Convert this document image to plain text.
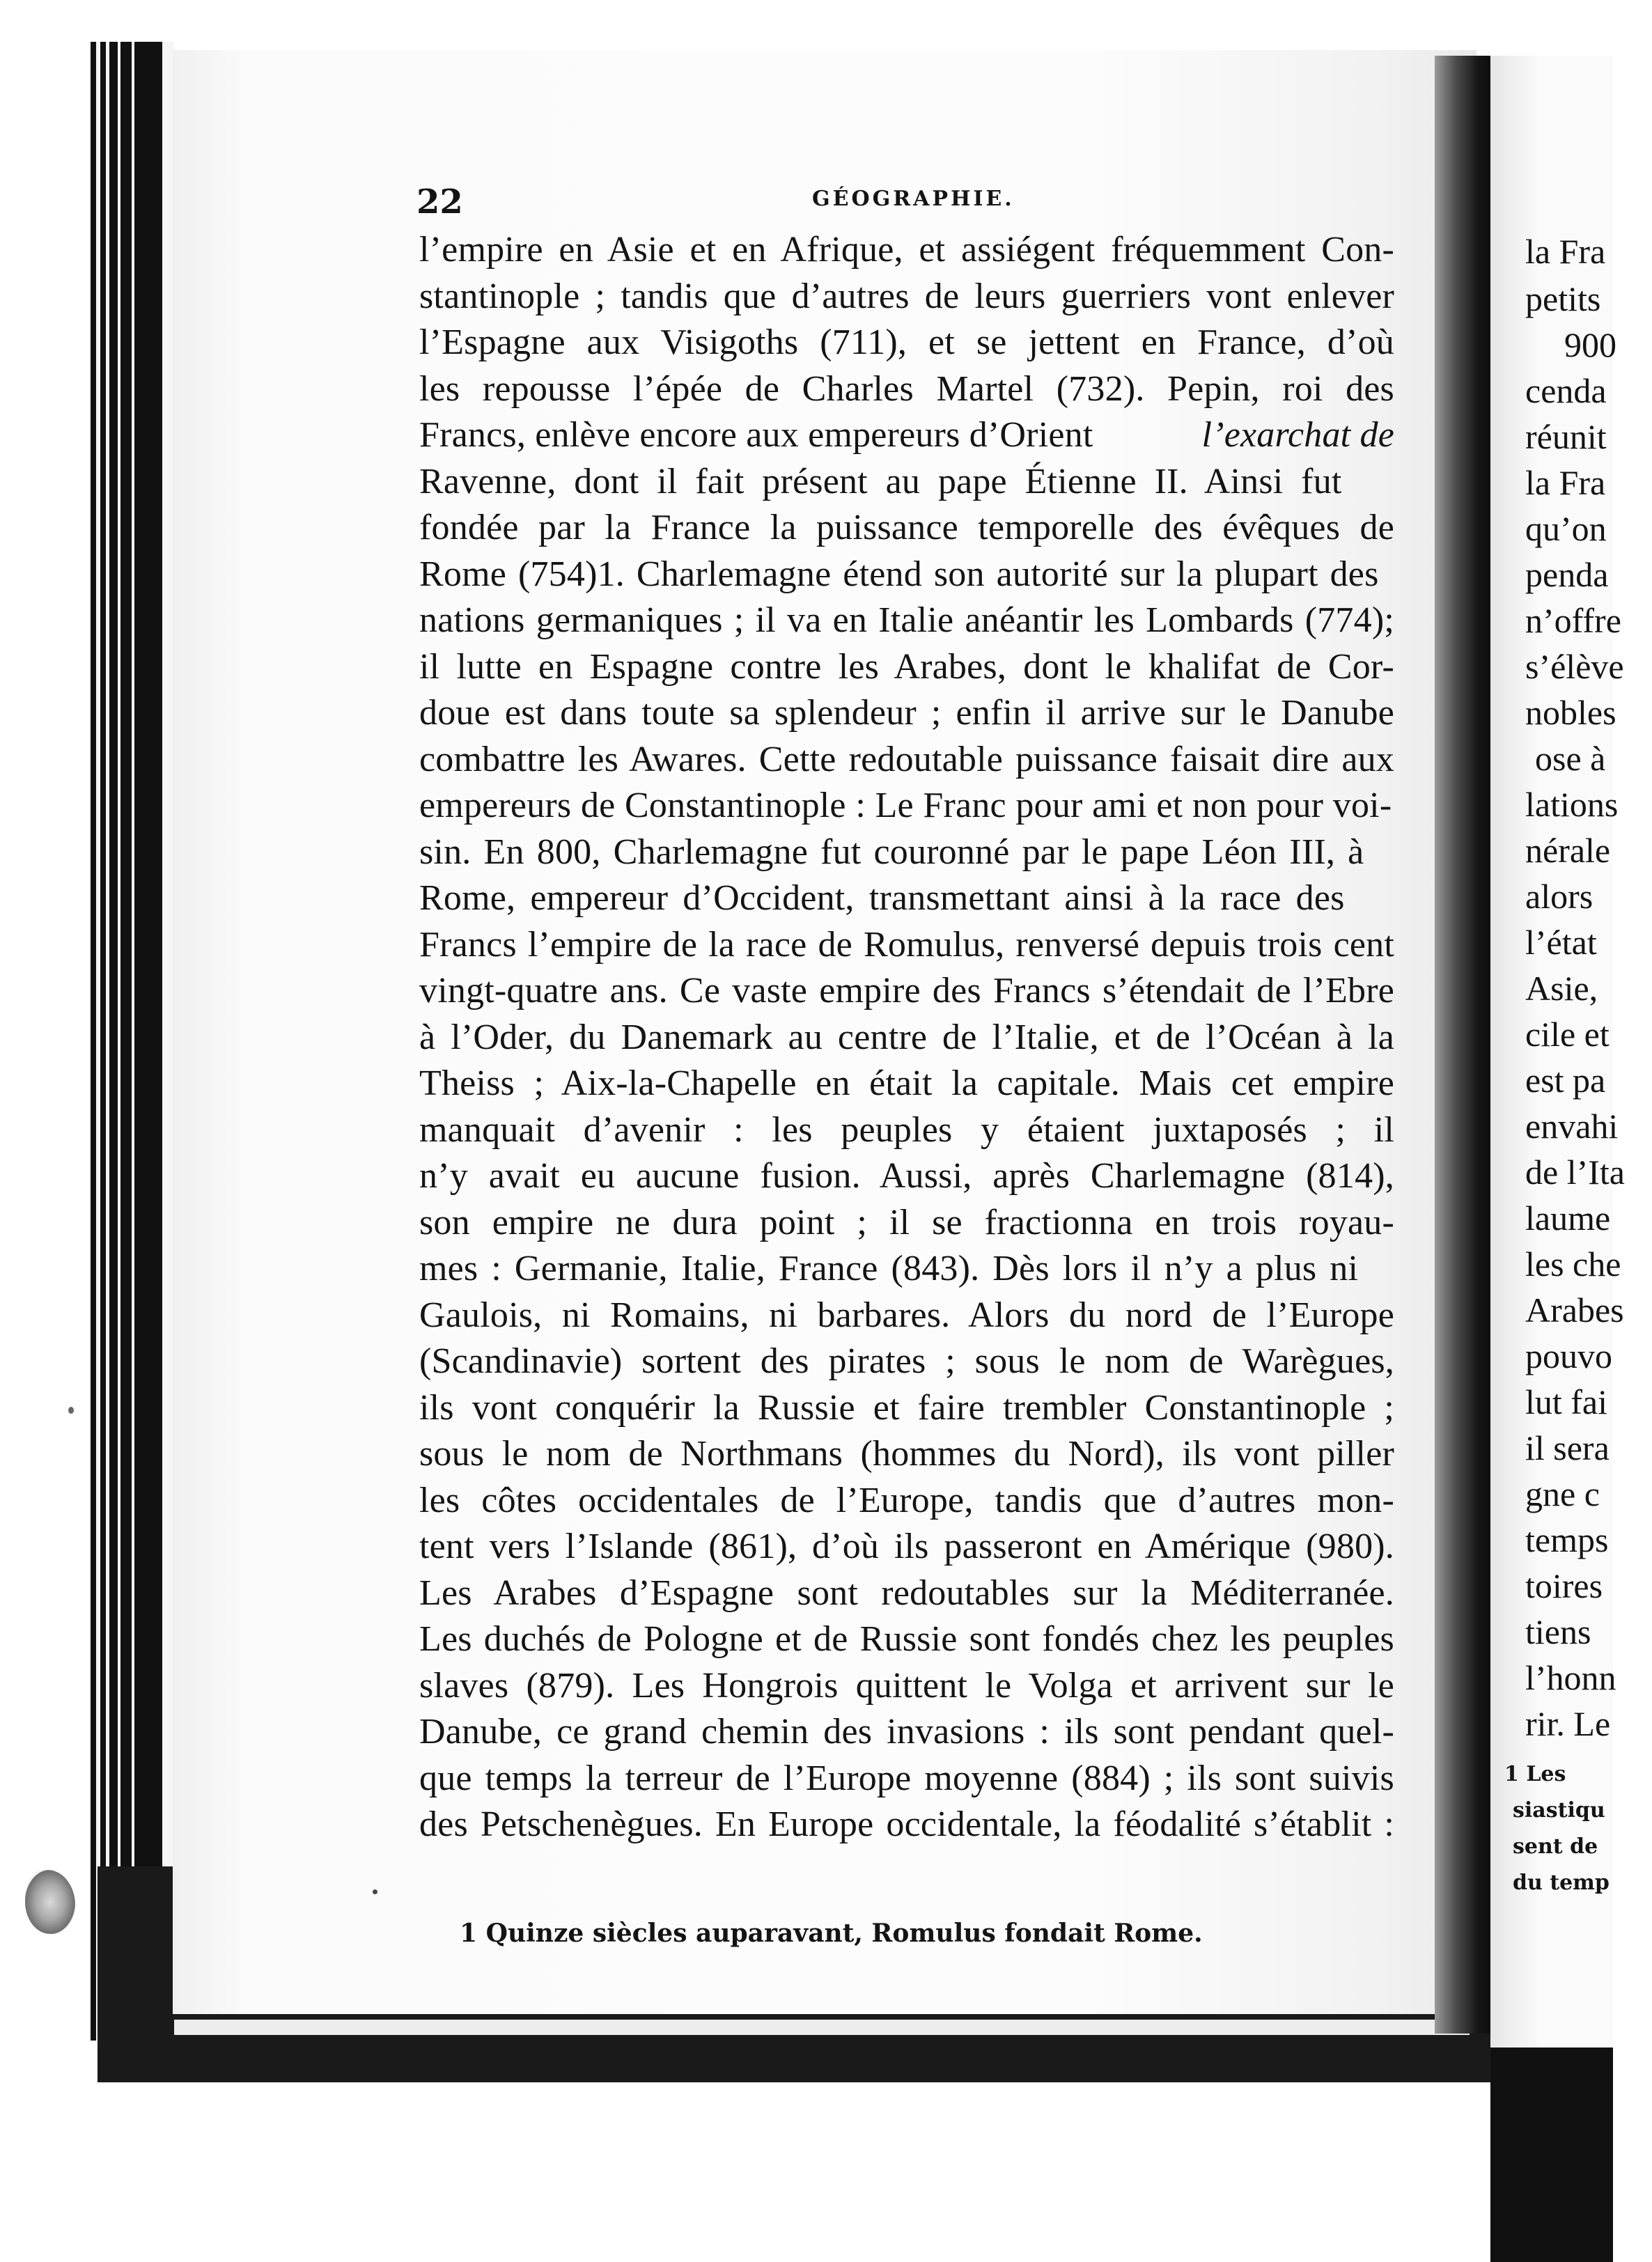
22	GÉOGRAPHIE.
l’empire en Asie et en Afrique, et assiégent fréquemment Con-
stantinople ; tandis que d’autres de leurs guerriers vont enlever
l’Espagne aux Visigoths (711), et se jettent en France, d’où
les repousse l’épée de Charles Martel (732). Pepin, roi des
Francs, enlève encore aux empereurs d’Orient	l’exarchat de
Ravenne, dont il fait présent au pape Étienne II. Ainsi fut
fondée par la France la puissance temporelle des évêques de
Rome (754)1. Charlemagne étend son autorité sur la plupart des
nations germaniques ; il va en Italie anéantir les Lombards (774);
il lutte en Espagne contre les Arabes, dont le khalifat de Cor-
doue est dans toute sa splendeur ; enfin il arrive sur le Danube
combattre les Awares. Cette redoutable puissance faisait dire aux
empereurs de Constantinople : Le Franc pour ami et non pour voi-
sin. En 800, Charlemagne fut couronné par le pape Léon III, à
Rome, empereur d’Occident, transmettant ainsi à la race des
Francs l’empire de la race de Romulus, renversé depuis trois cent
vingt-quatre ans. Ce vaste empire des Francs s’étendait de l’Ebre
à l’Oder, du Danemark au centre de l’Italie, et de l’Océan à la
Theiss ; Aix-la-Chapelle en était la capitale. Mais cet empire
manquait d’avenir : les peuples y étaient juxtaposés ; il
n’y avait eu aucune fusion. Aussi, après Charlemagne (814),
son empire ne dura point ; il se fractionna en trois royau-
mes : Germanie, Italie, France (843). Dès lors il n’y a plus ni
Gaulois, ni Romains, ni barbares. Alors du nord de l’Europe
(Scandinavie) sortent des pirates ; sous le nom de Warègues,
ils vont conquérir la Russie et faire trembler Constantinople ;
sous le nom de Northmans (hommes du Nord), ils vont piller
les côtes occidentales de l’Europe, tandis que d’autres mon-
tent vers l’Islande (861), d’où ils passeront en Amérique (980).
Les Arabes d’Espagne sont redoutables sur la Méditerranée.
Les duchés de Pologne et de Russie sont fondés chez les peuples
slaves (879). Les Hongrois quittent le Volga et arrivent sur le
Danube, ce grand chemin des invasions : ils sont pendant quel-
que temps la terreur de l’Europe moyenne (884) ; ils sont suivis
des Petschenègues. En Europe occidentale, la féodalité s’établit :
1 Quinze siècles auparavant, Romulus fondait Rome.
la Fra
petits
900
cenda
réunit
la Fra
qu’on
penda
n’offre
s’élève
nobles
ose à
lations
nérale
alors
l’état
Asie,
cile et
est pa
envahi
de l’Ita
laume
les che
Arabes
pouvo
lut fai
il sera
gne c
temps
toires
tiens
l’honn
rir. Le
1 Les
siastiqu
sent de
du temp
